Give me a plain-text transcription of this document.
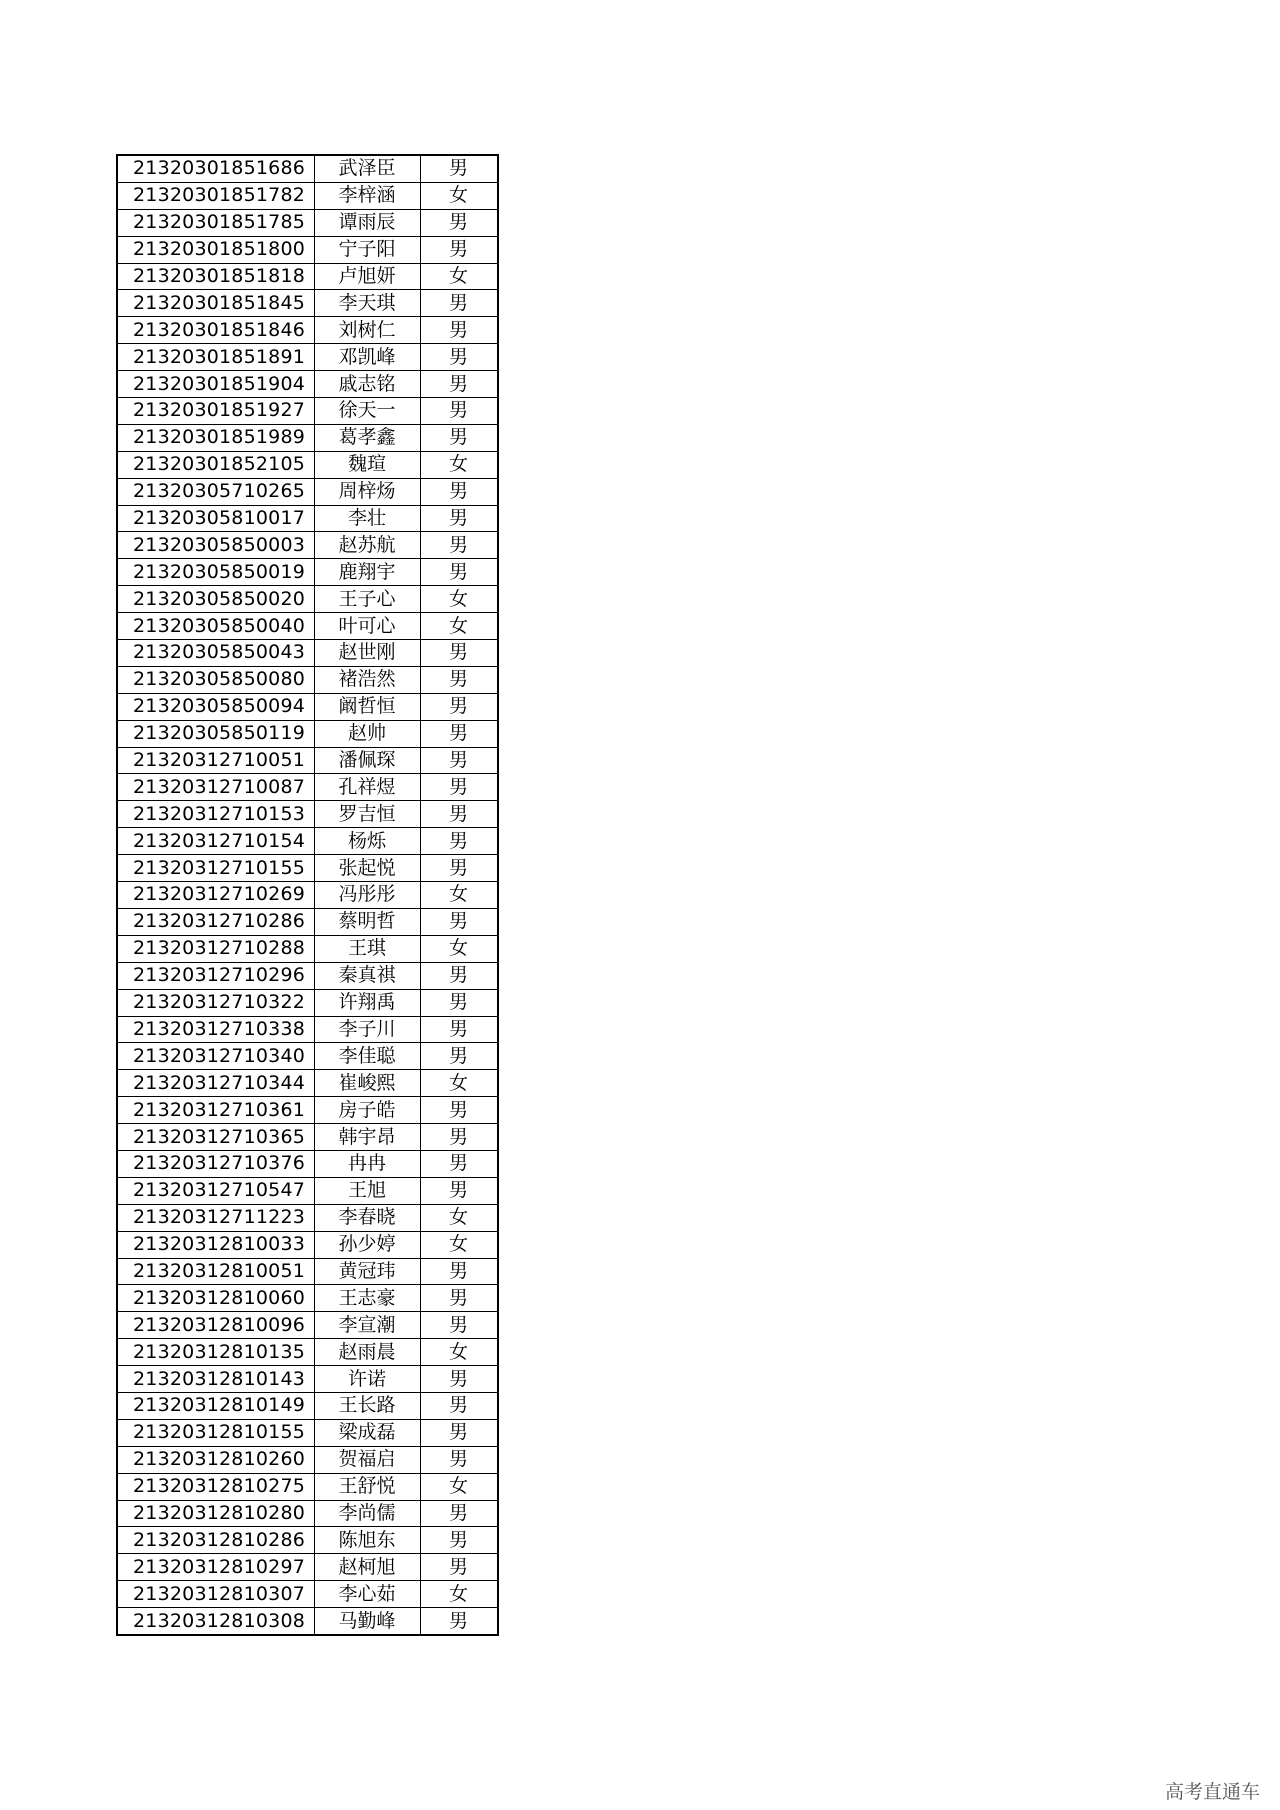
21320301851686	武泽臣	男
21320301851782	李梓涵	女
21320301851785	谭雨辰	男
21320301851800	宁子阳	男
21320301851818	卢旭妍	女
21320301851845	李天琪	男
21320301851846	刘树仁	男
21320301851891	邓凯峰	男
21320301851904	戚志铭	男
21320301851927	徐天一	男
21320301851989	葛孝鑫	男
21320301852105	魏瑄	女
21320305710265	周梓炀	男
21320305810017	李壮	男
21320305850003	赵苏航	男
21320305850019	鹿翔宇	男
21320305850020	王子心	女
21320305850040	叶可心	女
21320305850043	赵世刚	男
21320305850080	褚浩然	男
21320305850094	阚哲恒	男
21320305850119	赵帅	男
21320312710051	潘佩琛	男
21320312710087	孔祥煜	男
21320312710153	罗吉恒	男
21320312710154	杨烁	男
21320312710155	张起悦	男
21320312710269	冯彤彤	女
21320312710286	蔡明哲	男
21320312710288	王琪	女
21320312710296	秦真祺	男
21320312710322	许翔禹	男
21320312710338	李子川	男
21320312710340	李佳聪	男
21320312710344	崔峻熙	女
21320312710361	房子皓	男
21320312710365	韩宇昂	男
21320312710376	冉冉	男
21320312710547	王旭	男
21320312711223	李春晓	女
21320312810033	孙少婷	女
21320312810051	黄冠玮	男
21320312810060	王志豪	男
21320312810096	李宣潮	男
21320312810135	赵雨晨	女
21320312810143	许诺	男
21320312810149	王长路	男
21320312810155	梁成磊	男
21320312810260	贺福启	男
21320312810275	王舒悦	女
21320312810280	李尚儒	男
21320312810286	陈旭东	男
21320312810297	赵柯旭	男
21320312810307	李心茹	女
21320312810308	马勤峰	男
高考直通车
